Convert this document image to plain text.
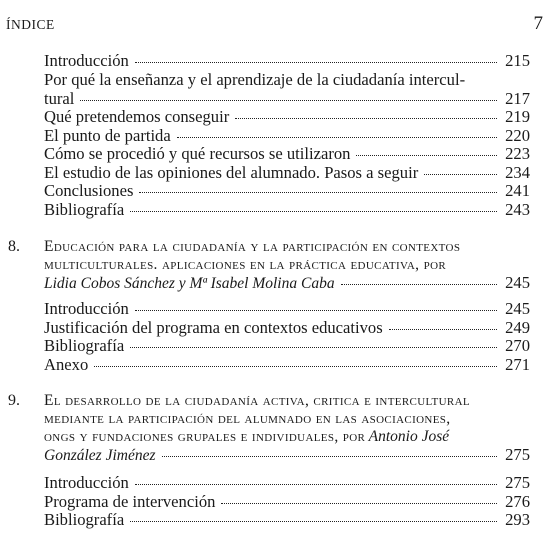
ÍNDICE	7
Introducción	215
Por qué la enseñanza y el aprendizaje de la ciudadanía intercul-
tural	217
Qué pretendemos conseguir	219
El punto de partida	220
Cómo se procedió y qué recursos se utilizaron	223
El estudio de las opiniones del alumnado. Pasos a seguir	234
Conclusiones	241
Bibliografía	243
8. Educación para la ciudadanía y la participación en contextos
multiculturales. aplicaciones en la práctica educativa, por
Lidia Cobos Sánchez y Mª Isabel Molina Caba	245
Introducción	245
Justificación del programa en contextos educativos	249
Bibliografía	270
Anexo	271
9. El desarrollo de la ciudadanía activa, critica e intercultural
mediante la participación del alumnado en las asociaciones,
ongs y fundaciones grupales e individuales, por Antonio José
González Jiménez	275
Introducción	275
Programa de intervención	276
Bibliografía	293
